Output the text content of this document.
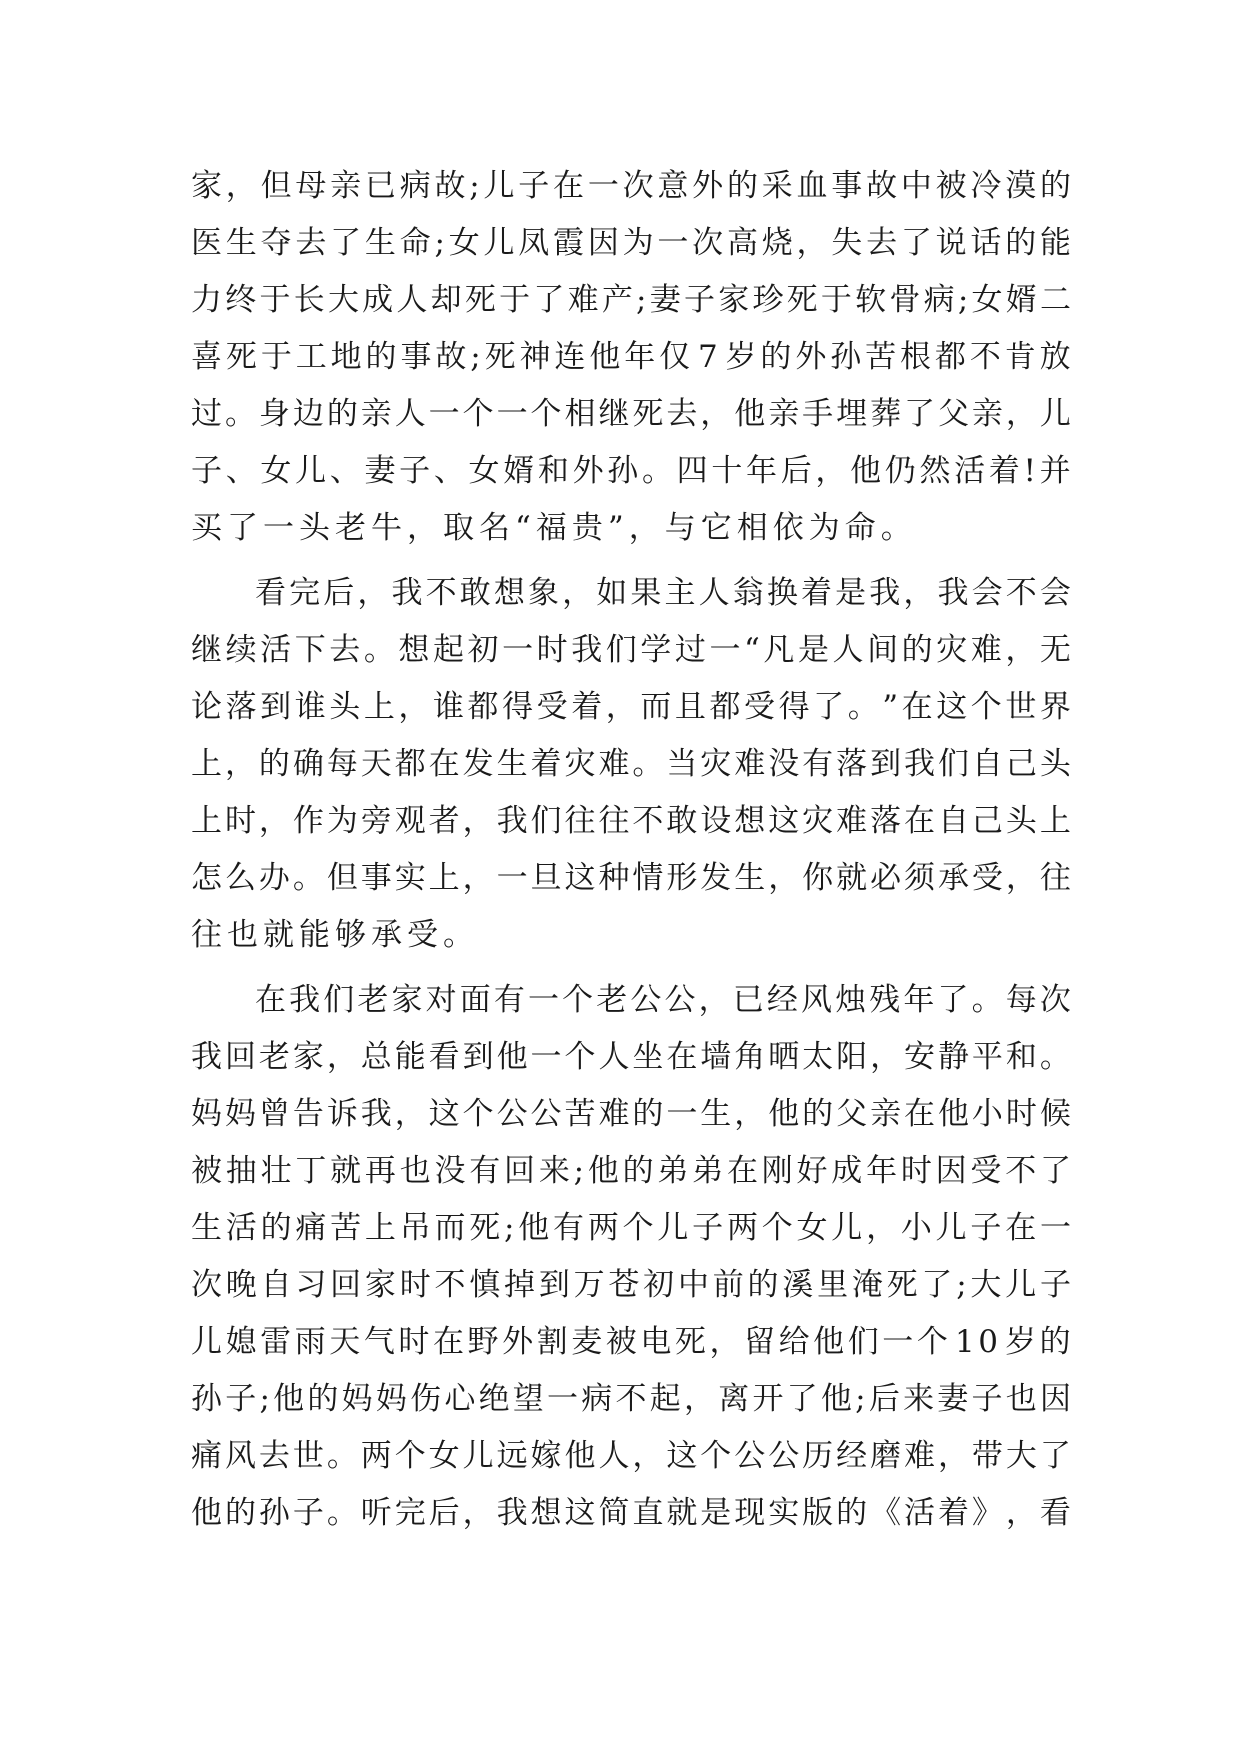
家 ， 但 母 亲 已 病 故 ; 儿 子 在 一 次 意 外 的 采 血 事 故 中 被 冷 漠 的
医 生 夺 去 了 生 命 ; 女 儿 凤 霞 因 为 一 次 高 烧 ， 失 去 了 说 话 的 能
力 终 于 长 大 成 人 却 死 于 了 难 产 ; 妻 子 家 珍 死 于 软 骨 病 ; 女 婿 二
喜 死 于 工 地 的 事 故 ; 死 神 连 他 年 仅 7 岁 的 外 孙 苦 根 都 不 肯 放
过 。 身 边 的 亲 人 一 个 一 个 相 继 死 去 ， 他 亲 手 埋 葬 了 父 亲 ， 儿
子 、 女 儿 、 妻 子 、 女 婿 和 外 孙 。 四 十 年 后 ， 他 仍 然 活 着 ! 并
买了一头老牛，取名“福贵”，与它相依为命。
看 完 后 ， 我 不 敢 想 象 ， 如 果 主 人 翁 换 着 是 我 ， 我 会 不 会
继 续 活 下 去 。 想 起 初 一 时 我 们 学 过 一 “ 凡 是 人 间 的 灾 难 ， 无
论 落 到 谁 头 上 ， 谁 都 得 受 着 ， 而 且 都 受 得 了 。 ” 在 这 个 世 界
上 ， 的 确 每 天 都 在 发 生 着 灾 难 。 当 灾 难 没 有 落 到 我 们 自 己 头
上 时 ， 作 为 旁 观 者 ， 我 们 往 往 不 敢 设 想 这 灾 难 落 在 自 己 头 上
怎 么 办 。 但 事 实 上 ， 一 旦 这 种 情 形 发 生 ， 你 就 必 须 承 受 ， 往
往也就能够承受。
在 我 们 老 家 对 面 有 一 个 老 公 公 ， 已 经 风 烛 残 年 了 。 每 次
我 回 老 家 ， 总 能 看 到 他 一 个 人 坐 在 墙 角 晒 太 阳 ， 安 静 平 和 。
妈 妈 曾 告 诉 我 ， 这 个 公 公 苦 难 的 一 生 ， 他 的 父 亲 在 他 小 时 候
被 抽 壮 丁 就 再 也 没 有 回 来 ; 他 的 弟 弟 在 刚 好 成 年 时 因 受 不 了
生 活 的 痛 苦 上 吊 而 死 ; 他 有 两 个 儿 子 两 个 女 儿 ， 小 儿 子 在 一
次 晚 自 习 回 家 时 不 慎 掉 到 万 苍 初 中 前 的 溪 里 淹 死 了 ; 大 儿 子
儿 媳 雷 雨 天 气 时 在 野 外 割 麦 被 电 死 ， 留 给 他 们 一 个 1 0 岁 的
孙 子 ; 他 的 妈 妈 伤 心 绝 望 一 病 不 起 ， 离 开 了 他 ; 后 来 妻 子 也 因
痛 风 去 世 。 两 个 女 儿 远 嫁 他 人 ， 这 个 公 公 历 经 磨 难 ， 带 大 了
他 的 孙 子 。 听 完 后 ， 我 想 这 简 直 就 是 现 实 版 的 《 活 着 》 ， 看
